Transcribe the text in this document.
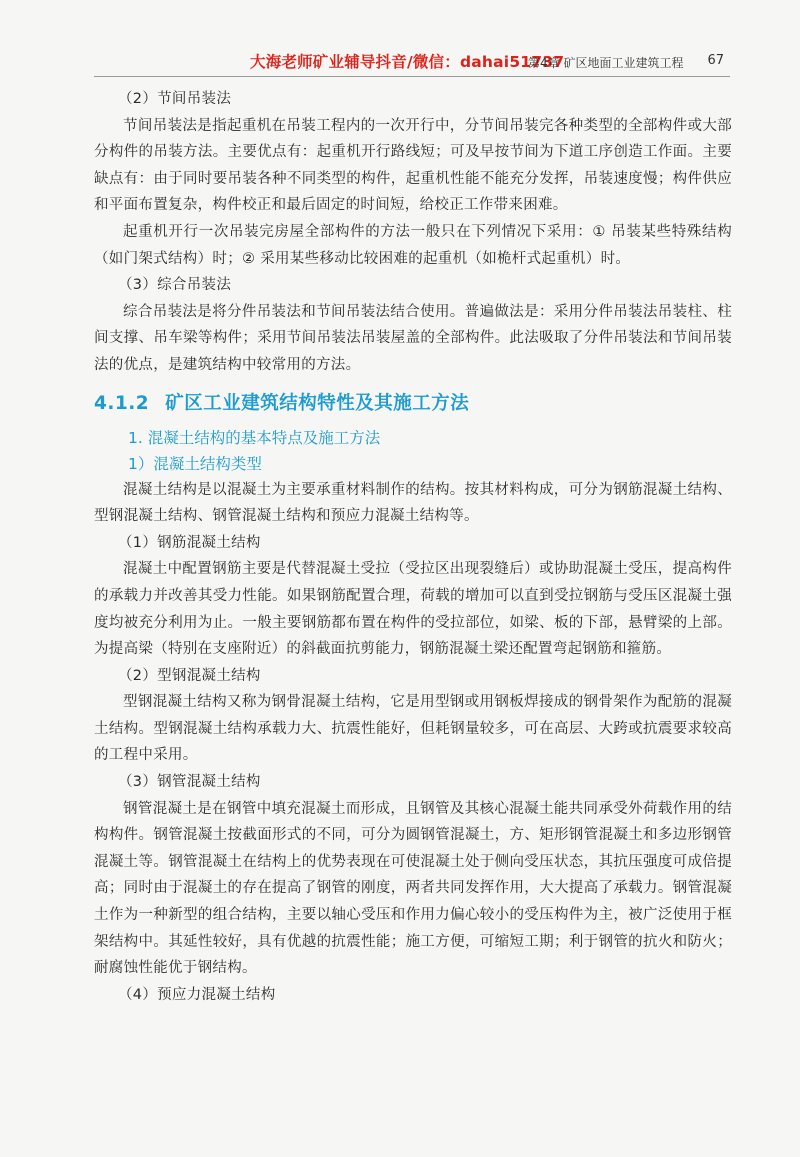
大海老师矿业辅导抖音/微信：dahai51737
第4章 矿区地面工业建筑工程 67

（2）节间吊装法

节间吊装法是指起重机在吊装工程内的一次开行中，分节间吊装完各种类型的全部构件或大部分构件的吊装方法。主要优点有：起重机开行路线短；可及早按节间为下道工序创造工作面。主要缺点有：由于同时要吊装各种不同类型的构件，起重机性能不能充分发挥，吊装速度慢；构件供应和平面布置复杂，构件校正和最后固定的时间短，给校正工作带来困难。

起重机开行一次吊装完房屋全部构件的方法一般只在下列情况下采用：① 吊装某些特殊结构（如门架式结构）时；② 采用某些移动比较困难的起重机（如桅杆式起重机）时。

（3）综合吊装法

综合吊装法是将分件吊装法和节间吊装法结合使用。普遍做法是：采用分件吊装法吊装柱、柱间支撑、吊车梁等构件；采用节间吊装法吊装屋盖的全部构件。此法吸取了分件吊装法和节间吊装法的优点，是建筑结构中较常用的方法。

4.1.2 矿区工业建筑结构特性及其施工方法
1. 混凝土结构的基本特点及施工方法
1）混凝土结构类型

混凝土结构是以混凝土为主要承重材料制作的结构。按其材料构成，可分为钢筋混凝土结构、型钢混凝土结构、钢管混凝土结构和预应力混凝土结构等。

（1）钢筋混凝土结构

混凝土中配置钢筋主要是代替混凝土受拉（受拉区出现裂缝后）或协助混凝土受压，提高构件的承载力并改善其受力性能。如果钢筋配置合理，荷载的增加可以直到受拉钢筋与受压区混凝土强度均被充分利用为止。一般主要钢筋都布置在构件的受拉部位，如梁、板的下部，悬臂梁的上部。为提高梁（特别在支座附近）的斜截面抗剪能力，钢筋混凝土梁还配置弯起钢筋和箍筋。

（2）型钢混凝土结构

型钢混凝土结构又称为钢骨混凝土结构，它是用型钢或用钢板焊接成的钢骨架作为配筋的混凝土结构。型钢混凝土结构承载力大、抗震性能好，但耗钢量较多，可在高层、大跨或抗震要求较高的工程中采用。

（3）钢管混凝土结构

钢管混凝土是在钢管中填充混凝土而形成，且钢管及其核心混凝土能共同承受外荷载作用的结构构件。钢管混凝土按截面形式的不同，可分为圆钢管混凝土，方、矩形钢管混凝土和多边形钢管混凝土等。钢管混凝土在结构上的优势表现在可使混凝土处于侧向受压状态，其抗压强度可成倍提高；同时由于混凝土的存在提高了钢管的刚度，两者共同发挥作用，大大提高了承载力。钢管混凝土作为一种新型的组合结构，主要以轴心受压和作用力偏心较小的受压构件为主，被广泛使用于框架结构中。其延性较好，具有优越的抗震性能；施工方便，可缩短工期；利于钢管的抗火和防火；耐腐蚀性能优于钢结构。

（4）预应力混凝土结构
